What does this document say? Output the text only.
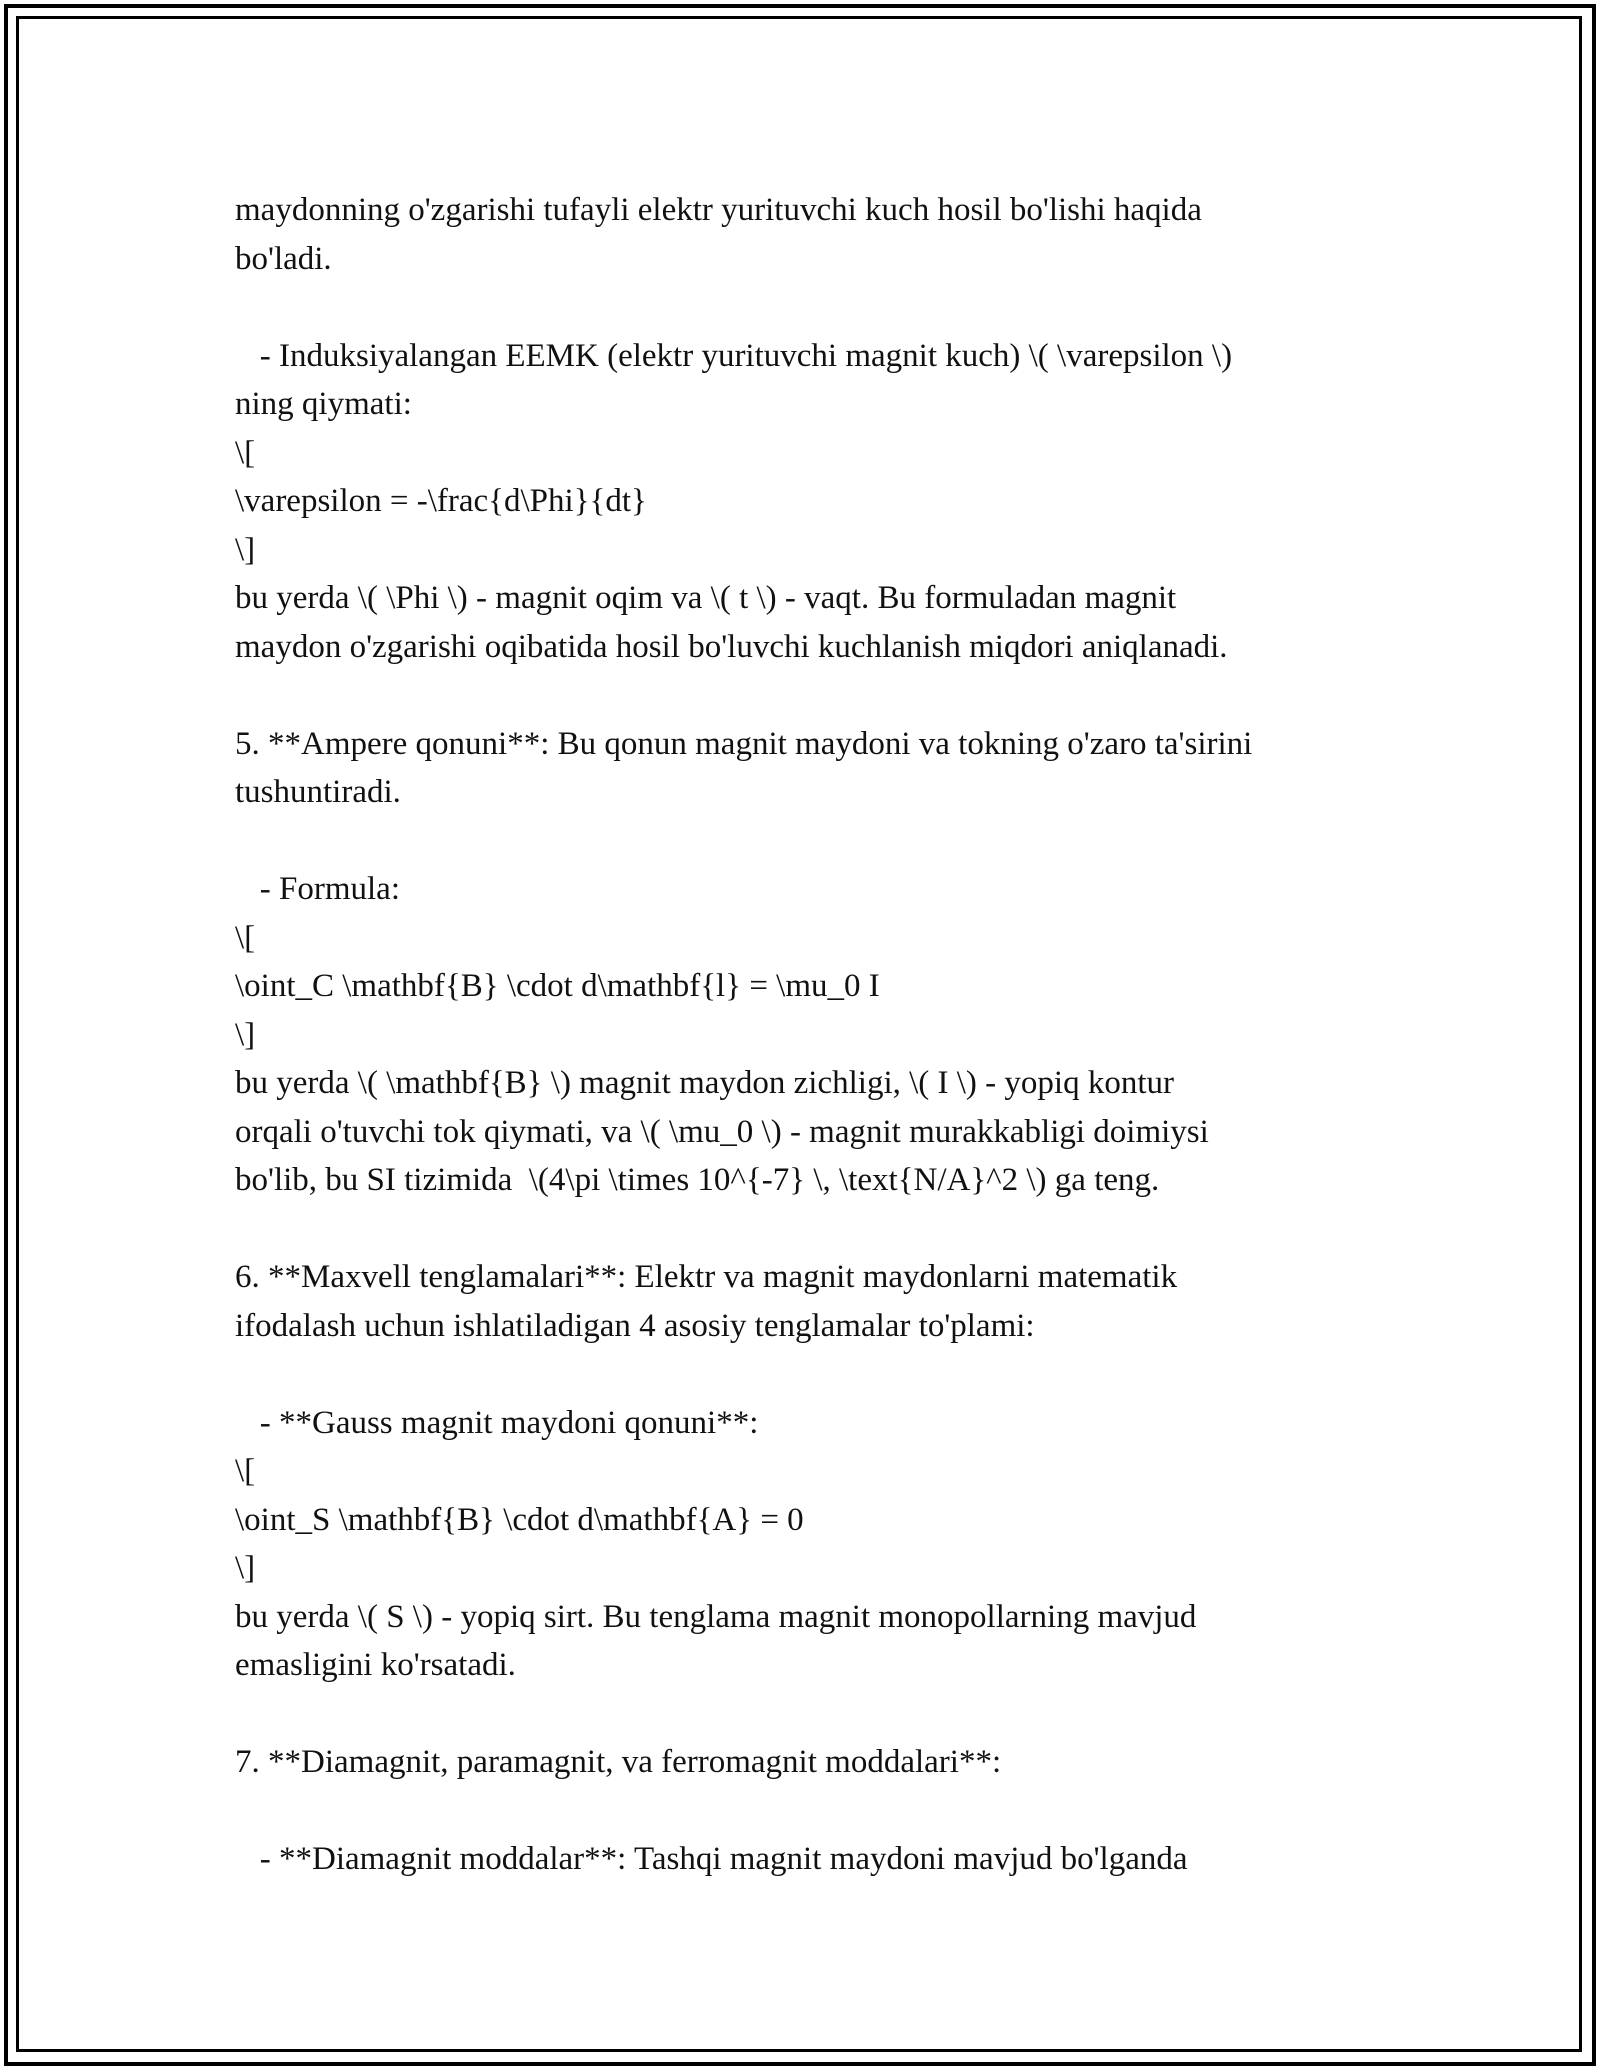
maydonning o'zgarishi tufayli elektr yurituvchi kuch hosil bo'lishi haqida
bo'ladi.
- Induksiyalangan EEMK (elektr yurituvchi magnit kuch) \( \varepsilon \)
ning qiymati:
\[
\varepsilon = -\frac{d\Phi}{dt}
\]
bu yerda \( \Phi \) - magnit oqim va \( t \) - vaqt. Bu formuladan magnit
maydon o'zgarishi oqibatida hosil bo'luvchi kuchlanish miqdori aniqlanadi.
5. **Ampere qonuni**: Bu qonun magnit maydoni va tokning o'zaro ta'sirini
tushuntiradi.
- Formula:
\[
\oint_C \mathbf{B} \cdot d\mathbf{l} = \mu_0 I
\]
bu yerda \( \mathbf{B} \) magnit maydon zichligi, \( I \) - yopiq kontur
orqali o'tuvchi tok qiymati, va \( \mu_0 \) - magnit murakkabligi doimiysi
bo'lib, bu SI tizimida  \(4\pi \times 10^{-7} \, \text{N/A}^2 \) ga teng.
6. **Maxvell tenglamalari**: Elektr va magnit maydonlarni matematik
ifodalash uchun ishlatiladigan 4 asosiy tenglamalar to'plami:
- **Gauss magnit maydoni qonuni**:
\[
\oint_S \mathbf{B} \cdot d\mathbf{A} = 0
\]
bu yerda \( S \) - yopiq sirt. Bu tenglama magnit monopollarning mavjud
emasligini ko'rsatadi.
7. **Diamagnit, paramagnit, va ferromagnit moddalari**:
- **Diamagnit moddalar**: Tashqi magnit maydoni mavjud bo'lganda
